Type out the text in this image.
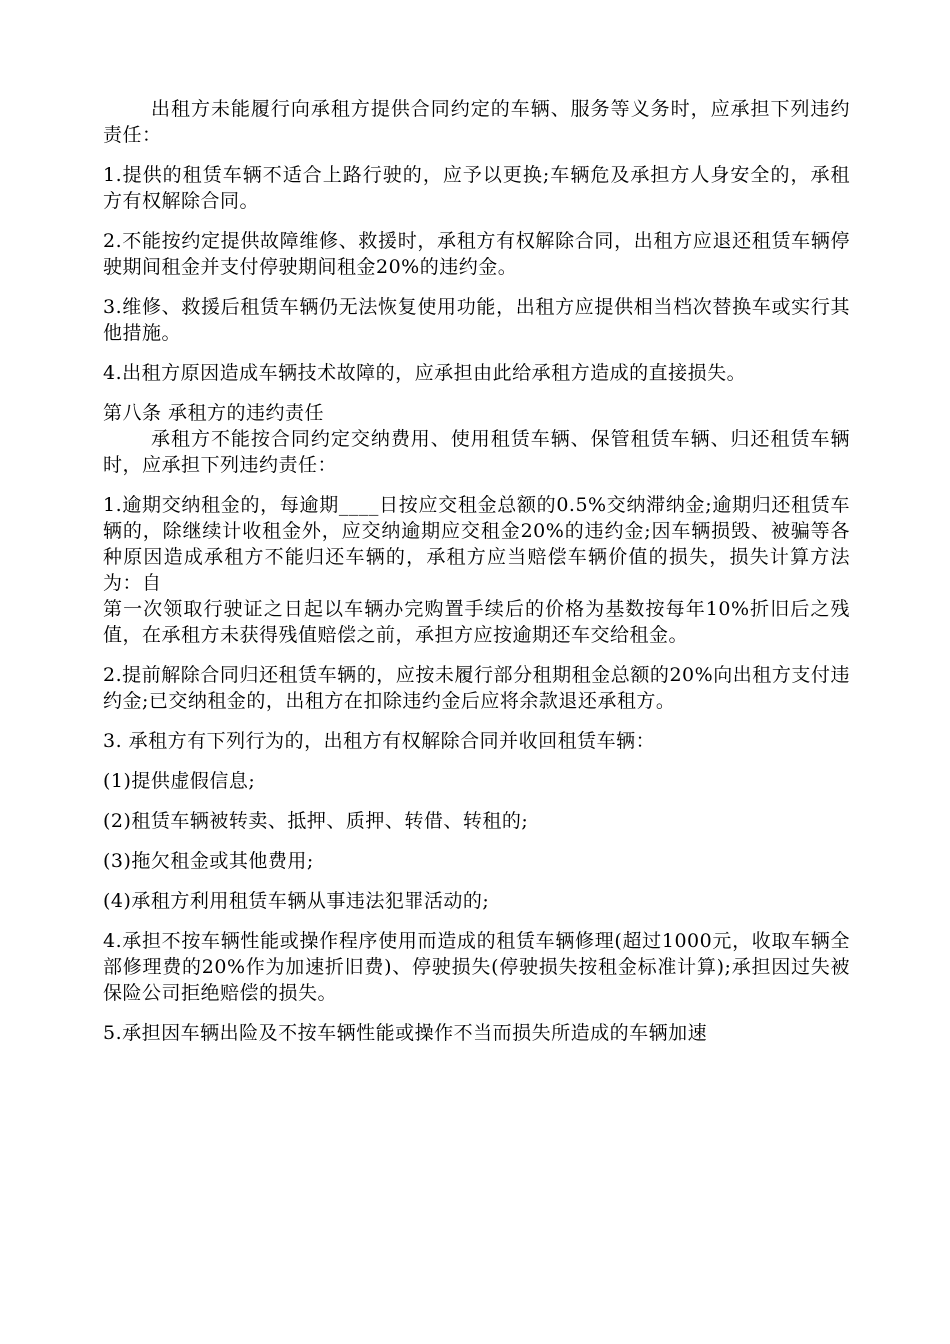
出租方未能履行向承租方提供合同约定的车辆、服务等义务时，应承担下列违约责任：

1.提供的租赁车辆不适合上路行驶的，应予以更换;车辆危及承担方人身安全的，承租方有权解除合同。

2.不能按约定提供故障维修、救援时，承租方有权解除合同，出租方应退还租赁车辆停驶期间租金并支付停驶期间租金20%的违约金。

3.维修、救援后租赁车辆仍无法恢复使用功能，出租方应提供相当档次替换车或实行其他措施。

4.出租方原因造成车辆技术故障的，应承担由此给承租方造成的直接损失。

第八条 承租方的违约责任

承租方不能按合同约定交纳费用、使用租赁车辆、保管租赁车辆、归还租赁车辆时，应承担下列违约责任：

1.逾期交纳租金的，每逾期____日按应交租金总额的0.5%交纳滞纳金;逾期归还租赁车辆的，除继续计收租金外，应交纳逾期应交租金20%的违约金;因车辆损毁、被骗等各种原因造成承租方不能归还车辆的，承租方应当赔偿车辆价值的损失，损失计算方法为：自

第一次领取行驶证之日起以车辆办完购置手续后的价格为基数按每年10%折旧后之残值，在承租方未获得残值赔偿之前，承担方应按逾期还车交给租金。

2.提前解除合同归还租赁车辆的，应按未履行部分租期租金总额的20%向出租方支付违约金;已交纳租金的，出租方在扣除违约金后应将余款退还承租方。

3. 承租方有下列行为的，出租方有权解除合同并收回租赁车辆：

(1)提供虚假信息;

(2)租赁车辆被转卖、抵押、质押、转借、转租的;

(3)拖欠租金或其他费用;

(4)承租方利用租赁车辆从事违法犯罪活动的;

4.承担不按车辆性能或操作程序使用而造成的租赁车辆修理(超过1000元，收取车辆全部修理费的20%作为加速折旧费)、停驶损失(停驶损失按租金标准计算);承担因过失被保险公司拒绝赔偿的损失。

5.承担因车辆出险及不按车辆性能或操作不当而损失所造成的车辆加速
